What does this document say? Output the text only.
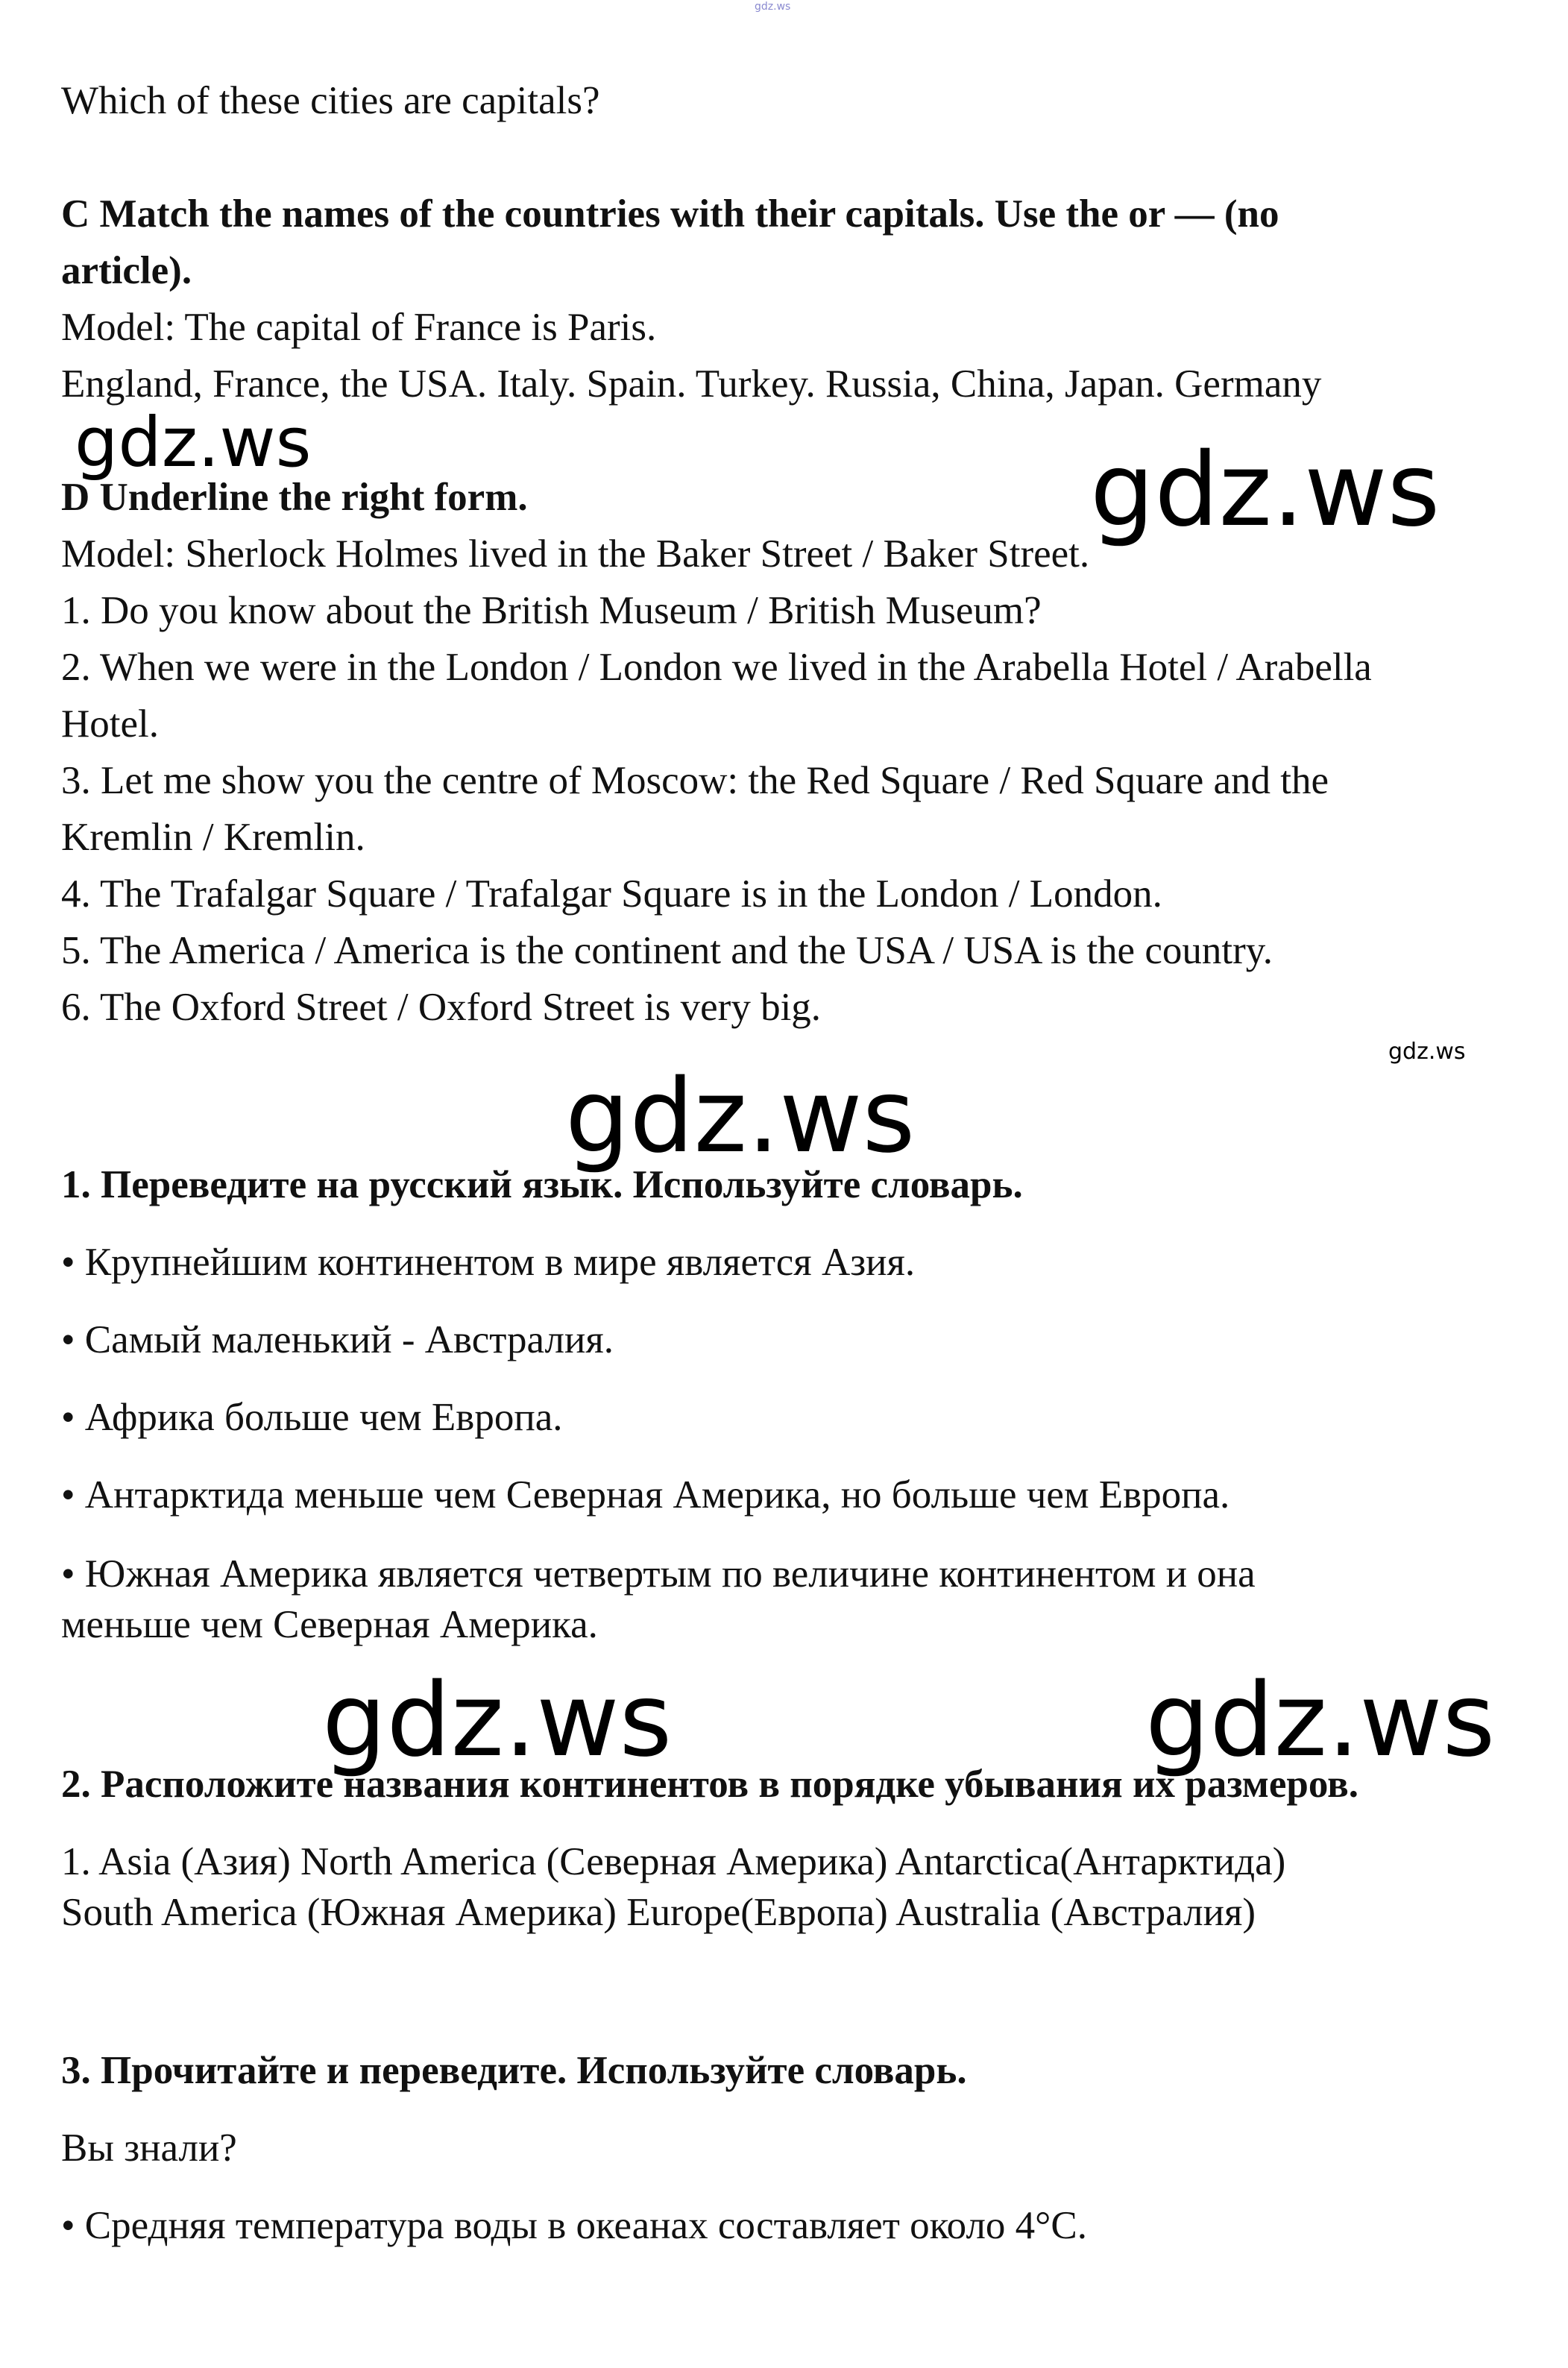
gdz.ws
gdz.ws	gdz.ws
gdz.ws
gdz.ws
gdz.ws	gdz.ws

Which of these cities are capitals?

C Match the names of the countries with their capitals. Use the or — (no

article).

Model: The capital of France is Paris.

England, France, the USA. Italy. Spain. Turkey. Russia, China, Japan. Germany

D Underline the right form.

Model: Sherlock Holmes lived in the Baker Street / Baker Street.

1. Do you know about the British Museum / British Museum?

2. When we were in the London / London we lived in the Arabella Hotel / Arabella

Hotel.

3. Let me show you the centre of Moscow: the Red Square / Red Square and the

Kremlin / Kremlin.

4. The Trafalgar Square / Trafalgar Square is in the London / London.

5. The America / America is the continent and the USA / USA is the country.

6. The Oxford Street / Oxford Street is very big.

1. Переведите на русский язык. Используйте словарь.

• Крупнейшим континентом в мире является Азия.

• Самый маленький - Австралия.

• Африка больше чем Европа.

• Антарктида меньше чем Северная Америка, но больше чем Европа.

• Южная Америка является четвертым по величине континентом и она

меньше чем Северная Америка.

2. Расположите названия континентов в порядке убывания их размеров.

1. Asia (Азия) North America (Северная Америка) Antarctica(Антарктида)

South America (Южная Америка) Europe(Европа) Australia (Австралия)

3. Прочитайте и переведите. Используйте словарь.

Вы знали?

• Средняя температура воды в океанах составляет около 4°С.
